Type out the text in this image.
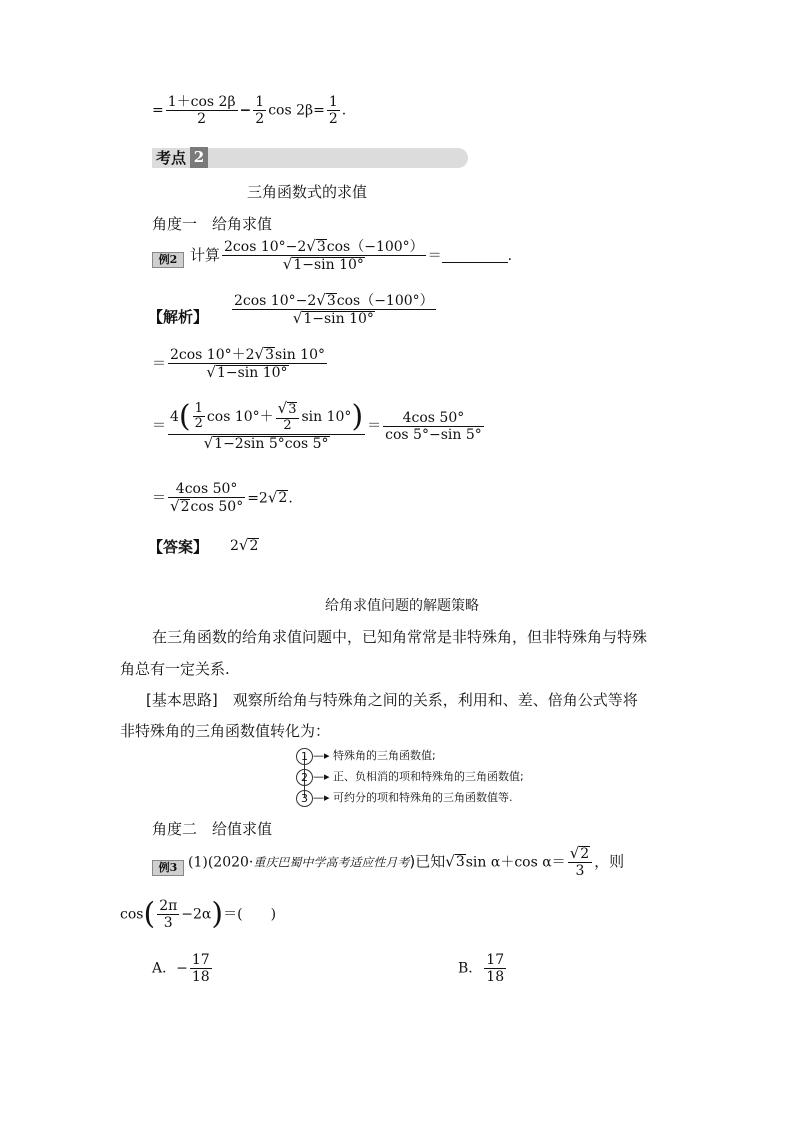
= $\frac{1+\cos 2\beta}{2} - \frac{1}{2}$ $\cos 2\beta= \frac{1}{2}$ .
考点 2
三角函数式的求值
角度一　给角求值
例2 计算 $\frac{2\cos 10^\circ-2√3\cos(-100^\circ)}{√1-\sin 10^\circ}$ ＝	.
【解析】 $\frac{2\cos 10^\circ-2√3\cos(-100^\circ)}{√1-\sin 10^\circ}$
＝ $\frac{2\cos 10^\circ+2√3\sin 10^\circ}{√1-\sin 10^\circ}$
＝ $\frac{4( \frac{1}{2} \cos 10^\circ+ \frac{√3}{2} \sin 10^\circ)}{√1-2\sin 5^\circ\cos 5^\circ} = \frac{4\cos 50^\circ}{\cos 5^\circ-\sin 5^\circ}$
＝ $\frac{4\cos 50^\circ}{√2\cos 50^\circ} =2√2$.
【答案】 2√2
给角求值问题的解题策略
在三角函数的给角求值问题中，已知角常常是非特殊角，但非特殊角与特殊
角总有一定关系.
[基本思路]　观察所给角与特殊角之间的关系，利用和、差、倍角公式等将
非特殊角的三角函数值转化为：
1 —▸ 特殊角的三角函数值;
2 —▸ 正、负相消的项和特殊角的三角函数值;
3 —▸ 可约分的项和特殊角的三角函数值等.
角度二　给值求值
例3 (1)(2020·重庆巴蜀中学高考适应性月考)已知√3sin α＋cos $\alpha= \frac{√2}{3}$ ，则
$\cos( \frac{2\pi}{3} -2\alpha)=$(　　)
A．− $\frac{17}{18}$	B． $\frac{17}{18}$
